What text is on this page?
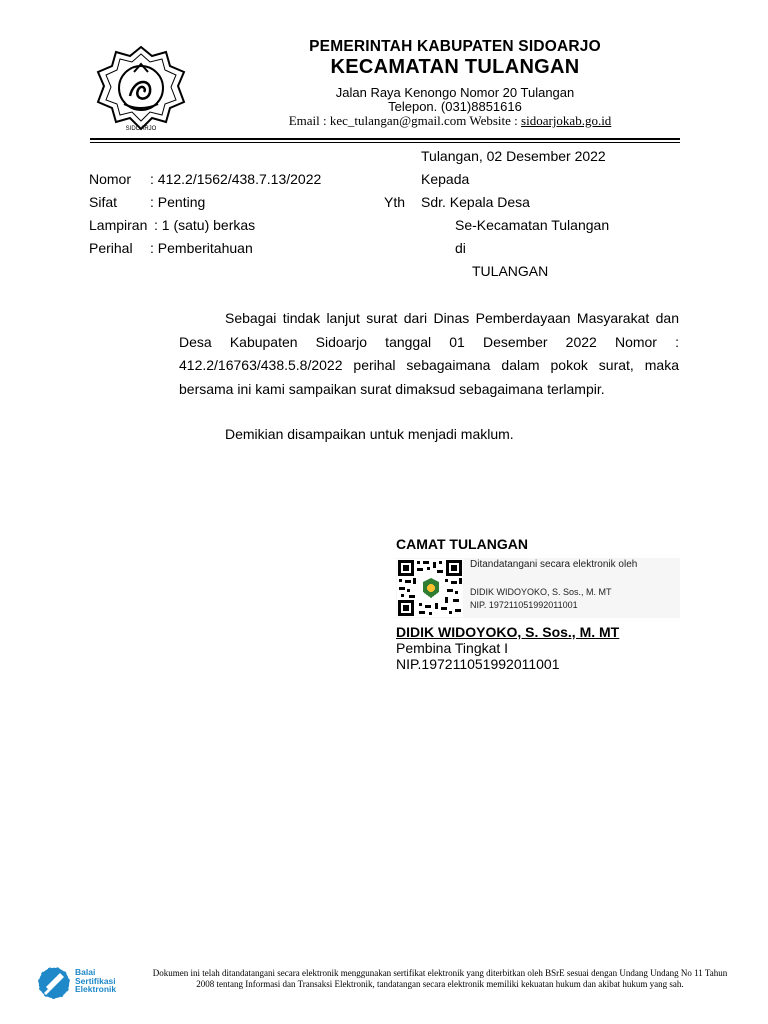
SIDOARJO
PEMERINTAH KABUPATEN SIDOARJO
KECAMATAN TULANGAN
Jalan Raya Kenongo Nomor 20 Tulangan
Telepon. (031)8851616
Email : kec_tulangan@gmail.com Website : sidoarjokab.go.id
Tulangan, 02 Desember 2022
Kepada
Yth Sdr. Kepala Desa
Se-Kecamatan Tulangan
di
TULANGAN
Nomor : 412.2/1562/438.7.13/2022
Sifat : Penting
Lampiran : 1 (satu) berkas
Perihal : Pemberitahuan

Sebagai tindak lanjut surat dari Dinas Pemberdayaan Masyarakat dan Desa Kabupaten Sidoarjo tanggal 01 Desember 2022 Nomor : 412.2/16763/438.5.8/2022 perihal sebagaimana dalam pokok surat, maka bersama ini kami sampaikan surat dimaksud sebagaimana terlampir.

Demikian disampaikan untuk menjadi maklum.
CAMAT TULANGAN
Ditandatangani secara elektronik oleh
DIDIK WIDOYOKO, S. Sos., M. MT
NIP. 197211051992011001
DIDIK WIDOYOKO, S. Sos., M. MT
Pembina Tingkat I
NIP.197211051992011001
Balai
Sertifikasi
Elektronik
Dokumen ini telah ditandatangani secara elektronik menggunakan sertifikat elektronik yang diterbitkan oleh BSrE sesuai dengan Undang Undang No 11 Tahun 2008 tentang Informasi dan Transaksi Elektronik, tandatangan secara elektronik memiliki kekuatan hukum dan akibat hukum yang sah.
